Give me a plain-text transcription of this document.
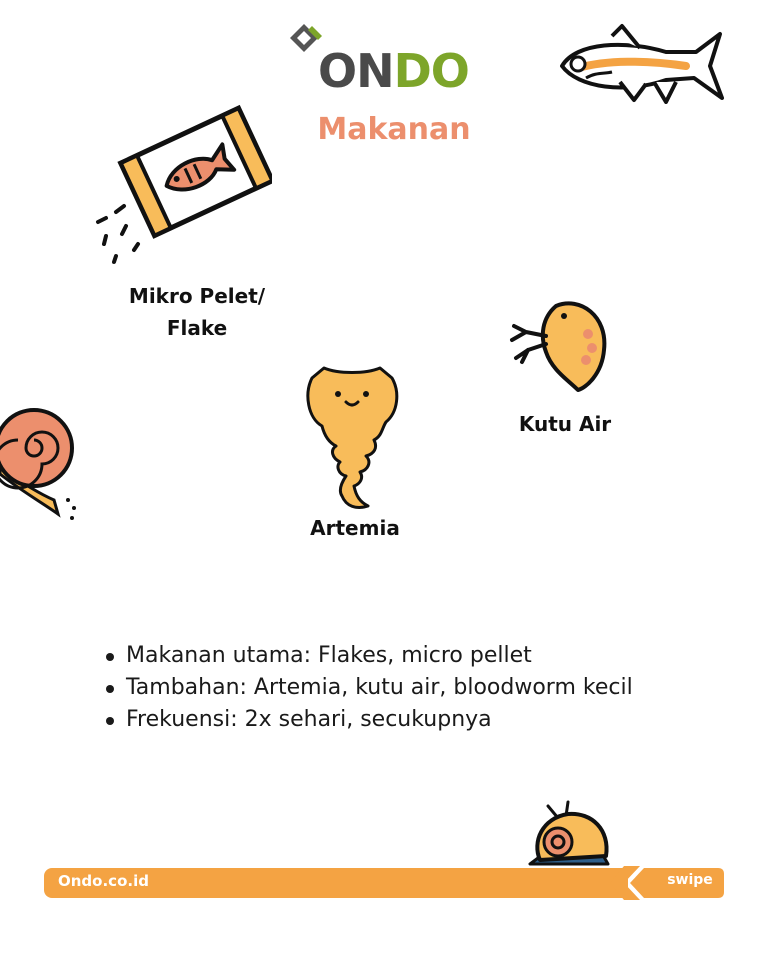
ONDO
Makanan
Mikro Pelet/
Flake
Kutu Air
Artemia
Makanan utama: Flakes, micro pellet
Tambahan: Artemia, kutu air, bloodworm kecil
Frekuensi: 2x sehari, secukupnya
Ondo.co.id	swipe
